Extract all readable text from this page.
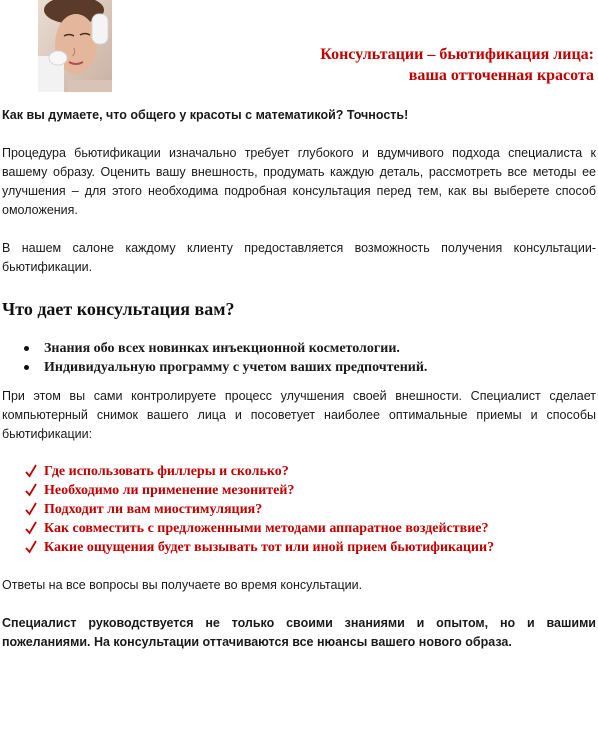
Консультации – бьютификация лица:
ваша отточенная красота

Как вы думаете, что общего у красоты с математикой? Точность!

Процедура бьютификации изначально требует глубокого и вдумчивого подхода специалиста к вашему образу. Оценить вашу внешность, продумать каждую деталь, рассмотреть все методы ее улучшения – для этого необходима подробная консультация перед тем, как вы выберете способ омоложения.

В нашем салоне каждому клиенту предоставляется возможность получения консультации-бьютификации.

Что дает консультация вам?
Знания обо всех новинках инъекционной косметологии.
Индивидуальную программу с учетом ваших предпочтений.

При этом вы сами контролируете процесс улучшения своей внешности. Специалист сделает компьютерный снимок вашего лица и посоветует наиболее оптимальные приемы и способы бьютификации:

Где использовать филлеры и сколько?
Необходимо ли применение мезонитей?
Подходит ли вам миостимуляция?
Как совместить с предложенными методами аппаратное воздействие?
Какие ощущения будет вызывать тот или иной прием бьютификации?

Ответы на все вопросы вы получаете во время консультации.

Специалист руководствуется не только своими знаниями и опытом, но и вашими пожеланиями. На консультации оттачиваются все нюансы вашего нового образа.
